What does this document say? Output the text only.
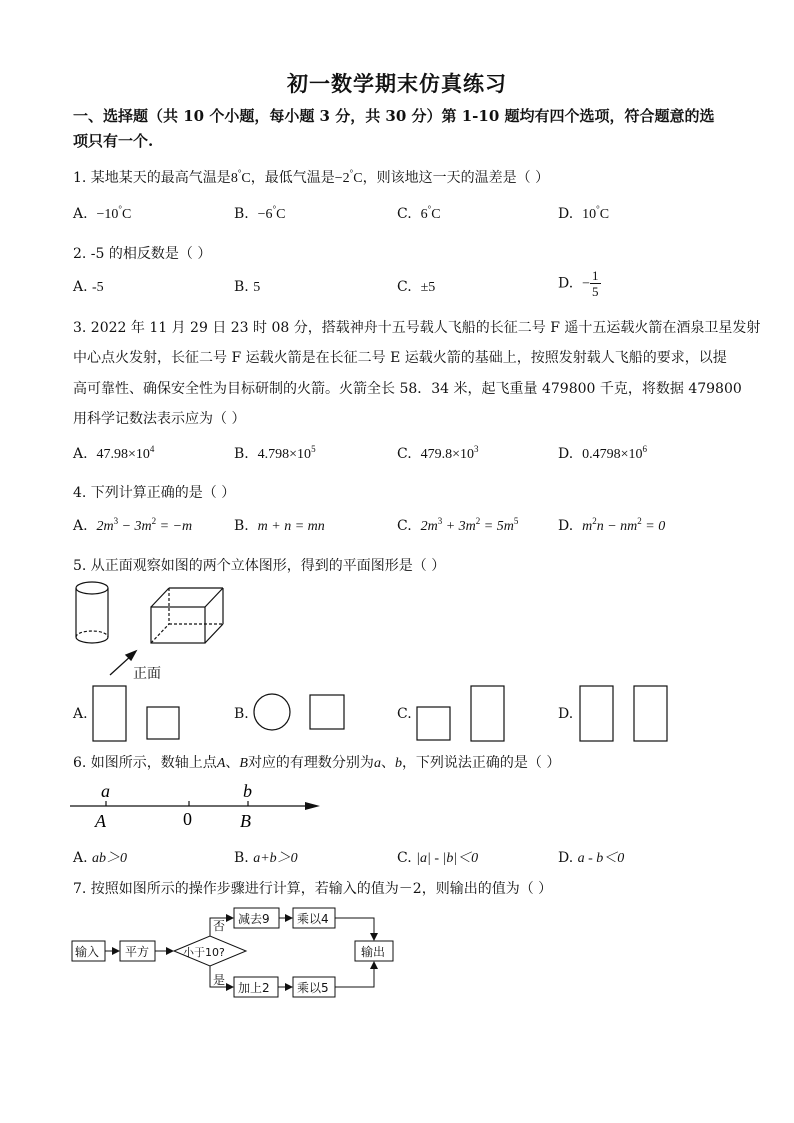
初一数学期末仿真练习
一、选择题（共 10 个小题，每小题 3 分，共 30 分）第 1-10 题均有四个选项，符合题意的选
项只有一个.
1. 某地某天的最高气温是8°C，最低气温是−2°C，则该地这一天的温差是（ ）
A. −10°C	B. −6°C	C. 6°C	D. 10°C
2. -5 的相反数是（ ）
A. -5	B. 5	C. ±5	D. − $\frac{1}{5}$
3. 2022 年 11 月 29 日 23 时 08 分，搭载神舟十五号载人飞船的长征二号 F 遥十五运载火箭在酒泉卫星发射
中心点火发射，长征二号 F 运载火箭是在长征二号 E 运载火箭的基础上，按照发射载人飞船的要求，以提
高可靠性、确保安全性为目标研制的火箭。火箭全长 58．34 米，起飞重量 479800 千克，将数据 479800
用科学记数法表示应为（ ）
A. $47.98\times 10^4$	B. $4.798\times 10^5$	C. $479.8\times 10^3$	D. $0.4798\times 10^6$
4. 下列计算正确的是（ ）
A. $2m^3 - 3m^2 = -m$	B. m + n = mn	C. $2m^3 + 3m^2 = 5m^5$	D. $m^2n - nm^2 = 0$
5. 从正面观察如图的两个立体图形，得到的平面图形是（ ）
正面
A.	B.	C.	D.
6. 如图所示，数轴上点A、B对应的有理数分别为a、b，下列说法正确的是（ ）
a	b
A	0	B
A. ab＞0	B. a+b＞0	C. |a| - |b|＜0	D. a - b＜0
7. 按照如图所示的操作步骤进行计算，若输入的值为－2，则输出的值为（ ）
输入 平方	小于10?
否
是
减去9 乘以4
加上2 乘以5
输出
